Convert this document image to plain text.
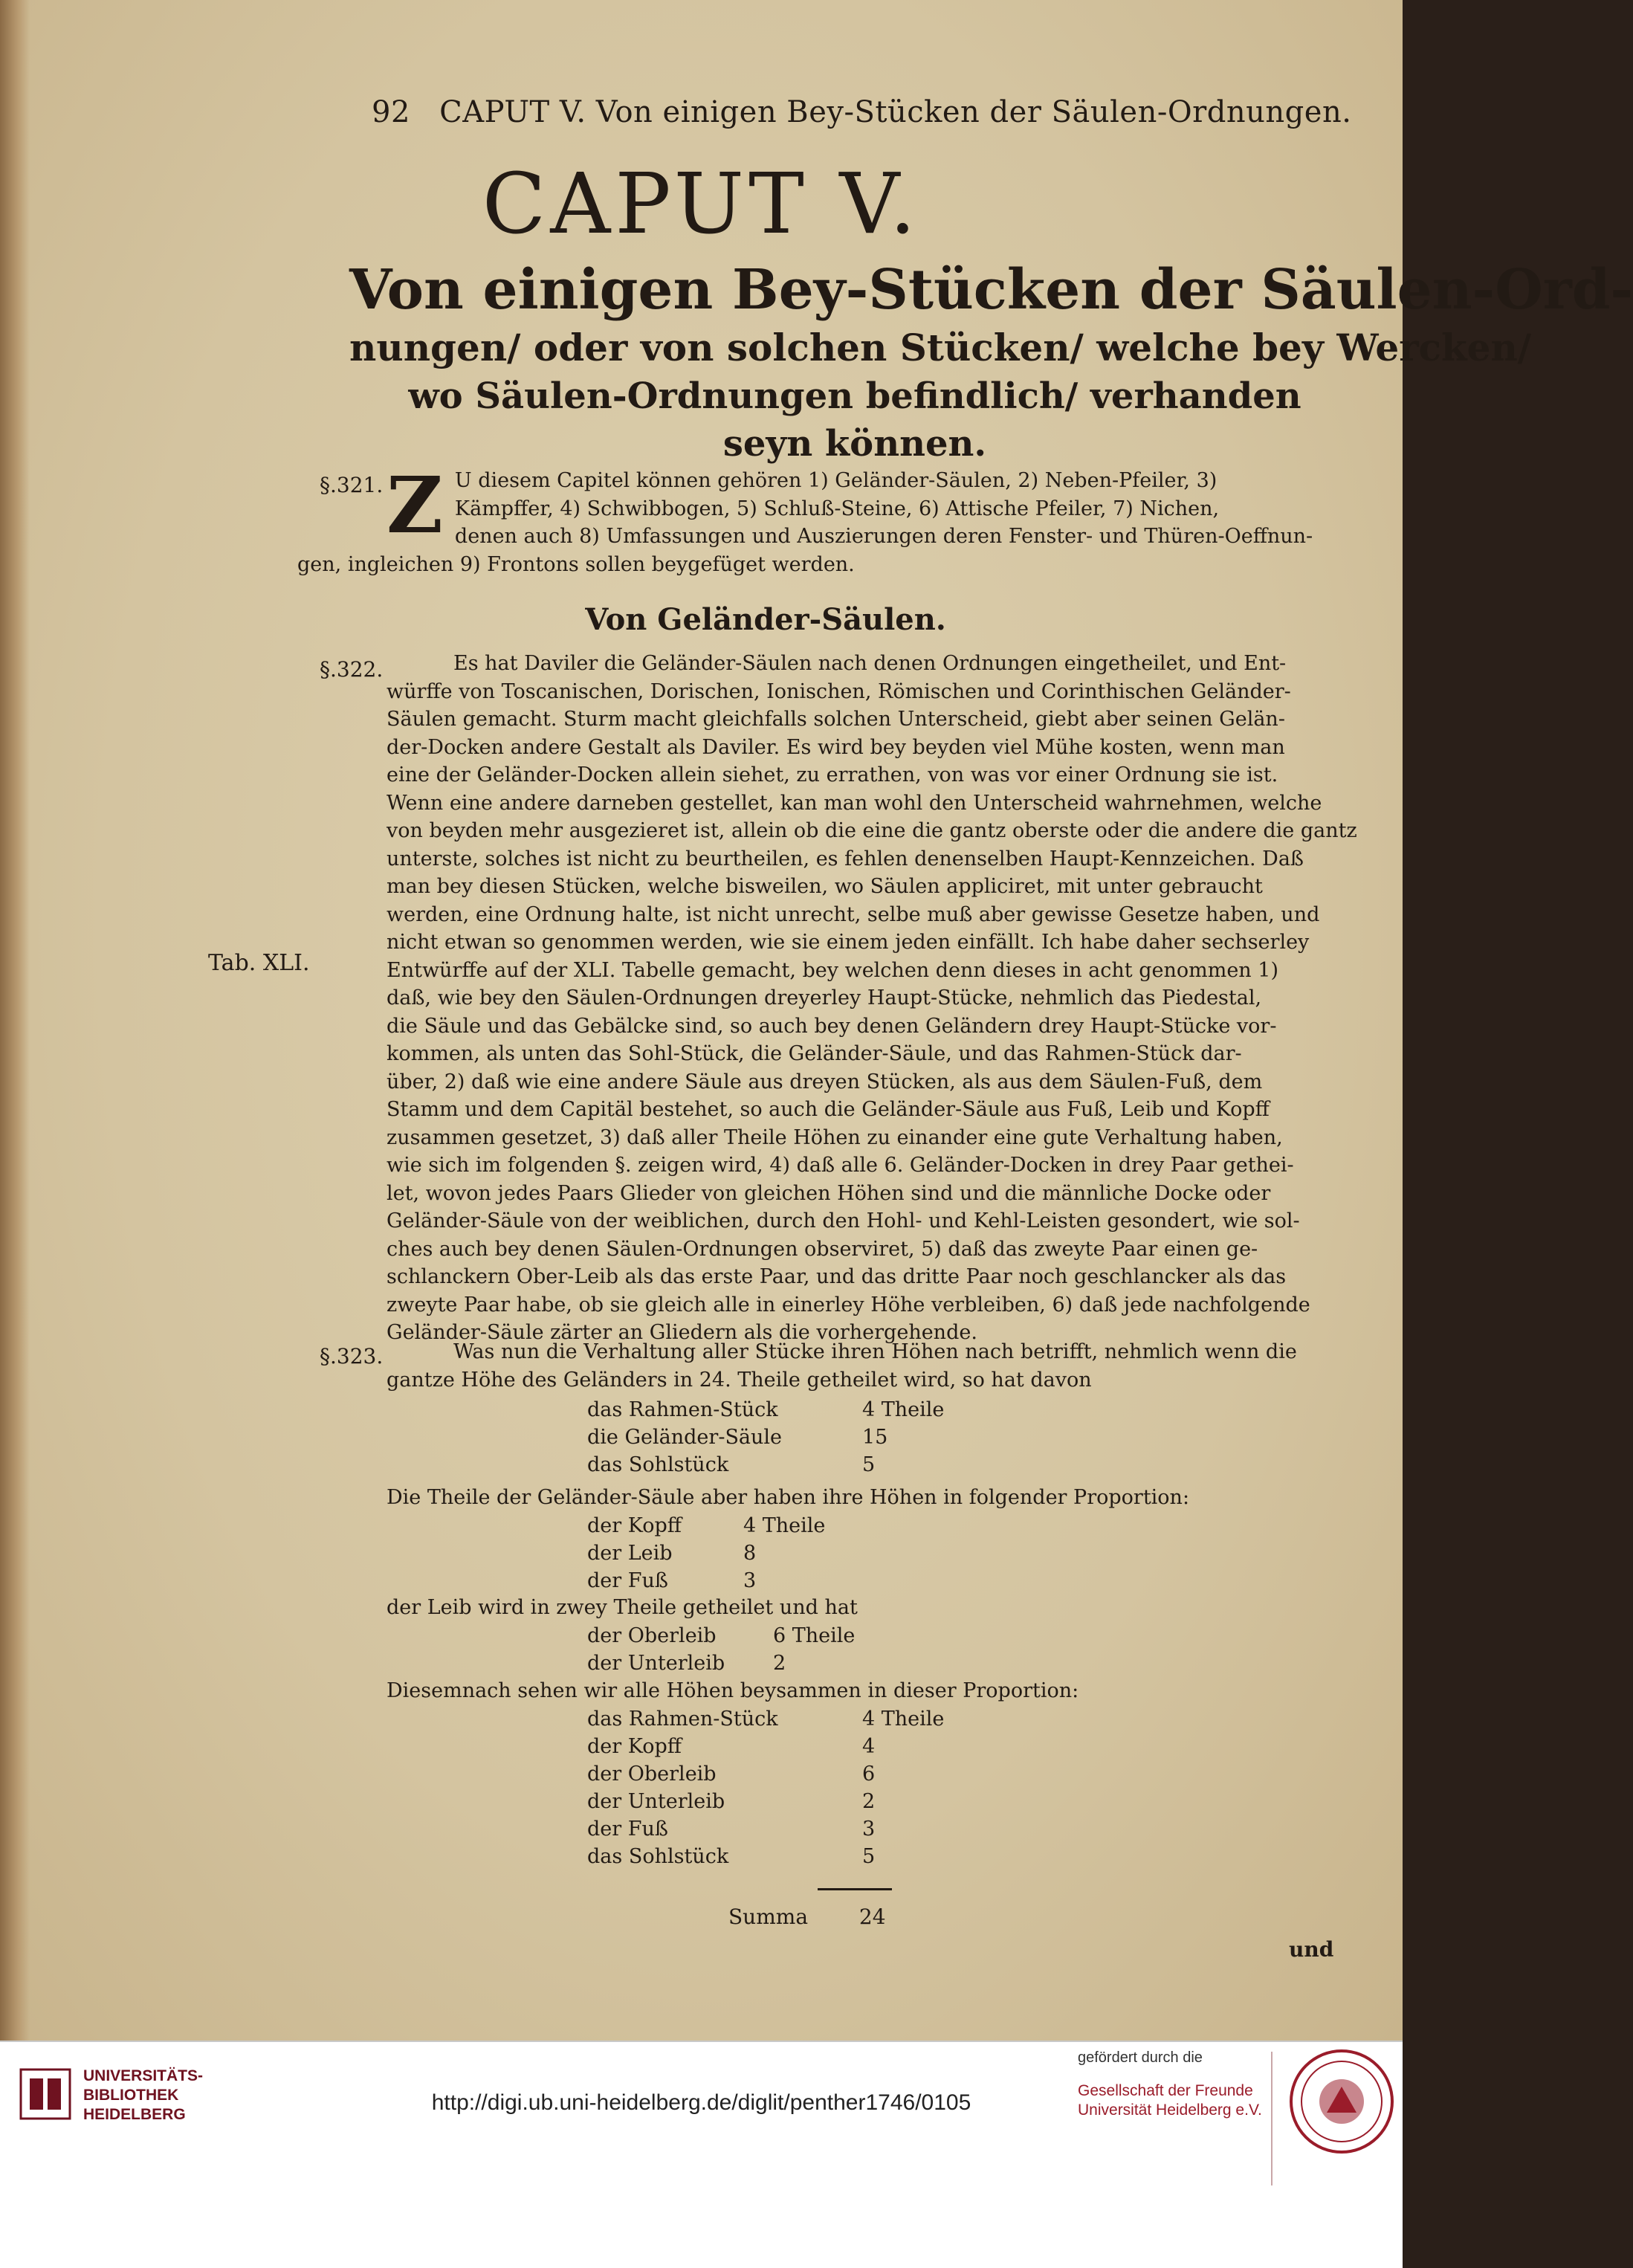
92 CAPUT V. Von einigen Bey-Stücken der Säulen-Ordnungen.
CAPUT V.
Von einigen Bey-Stücken der Säulen-Ord-
nungen/ oder von solchen Stücken/ welche bey Wercken/
wo Säulen-Ordnungen befindlich/ verhanden
seyn können.
§.321. Z U diesem Capitel können gehören 1) Geländer-Säulen, 2) Neben-Pfeiler, 3)
Kämpffer, 4) Schwibbogen, 5) Schluß-Steine, 6) Attische Pfeiler, 7) Nichen,
denen auch 8) Umfassungen und Auszierungen deren Fenster- und Thüren-Oeffnun-
gen, ingleichen 9) Frontons sollen beygefüget werden.
Von Geländer-Säulen.
§.322.
Tab. XLI.
Es hat Daviler die Geländer-Säulen nach denen Ordnungen eingetheilet, und Ent-
würffe von Toscanischen, Dorischen, Ionischen, Römischen und Corinthischen Geländer-
Säulen gemacht. Sturm macht gleichfalls solchen Unterscheid, giebt aber seinen Gelän-
der-Docken andere Gestalt als Daviler. Es wird bey beyden viel Mühe kosten, wenn man
eine der Geländer-Docken allein siehet, zu errathen, von was vor einer Ordnung sie ist.
Wenn eine andere darneben gestellet, kan man wohl den Unterscheid wahrnehmen, welche
von beyden mehr ausgezieret ist, allein ob die eine die gantz oberste oder die andere die gantz
unterste, solches ist nicht zu beurtheilen, es fehlen denenselben Haupt-Kennzeichen. Daß
man bey diesen Stücken, welche bisweilen, wo Säulen appliciret, mit unter gebraucht
werden, eine Ordnung halte, ist nicht unrecht, selbe muß aber gewisse Gesetze haben, und
nicht etwan so genommen werden, wie sie einem jeden einfällt. Ich habe daher sechserley
Entwürffe auf der XLI. Tabelle gemacht, bey welchen denn dieses in acht genommen 1)
daß, wie bey den Säulen-Ordnungen dreyerley Haupt-Stücke, nehmlich das Piedestal,
die Säule und das Gebälcke sind, so auch bey denen Geländern drey Haupt-Stücke vor-
kommen, als unten das Sohl-Stück, die Geländer-Säule, und das Rahmen-Stück dar-
über, 2) daß wie eine andere Säule aus dreyen Stücken, als aus dem Säulen-Fuß, dem
Stamm und dem Capitäl bestehet, so auch die Geländer-Säule aus Fuß, Leib und Kopff
zusammen gesetzet, 3) daß aller Theile Höhen zu einander eine gute Verhaltung haben,
wie sich im folgenden §. zeigen wird, 4) daß alle 6. Geländer-Docken in drey Paar gethei-
let, wovon jedes Paars Glieder von gleichen Höhen sind und die männliche Docke oder
Geländer-Säule von der weiblichen, durch den Hohl- und Kehl-Leisten gesondert, wie sol-
ches auch bey denen Säulen-Ordnungen observiret, 5) daß das zweyte Paar einen ge-
schlanckern Ober-Leib als das erste Paar, und das dritte Paar noch geschlancker als das
zweyte Paar habe, ob sie gleich alle in einerley Höhe verbleiben, 6) daß jede nachfolgende
Geländer-Säule zärter an Gliedern als die vorhergehende.
§.323.	Was nun die Verhaltung aller Stücke ihren Höhen nach betrifft, nehmlich wenn die
gantze Höhe des Geländers in 24. Theile getheilet wird, so hat davon
das Rahmen-Stück	4 Theile
die Geländer-Säule	15
das Sohlstück	5
Die Theile der Geländer-Säule aber haben ihre Höhen in folgender Proportion:
der Kopff	4 Theile
der Leib	8
der Fuß	3
der Leib wird in zwey Theile getheilet und hat
der Oberleib	6 Theile
der Unterleib	2
Diesemnach sehen wir alle Höhen beysammen in dieser Proportion:
das Rahmen-Stück	4 Theile
der Kopff	4
der Oberleib	6
der Unterleib	2
der Fuß	3
das Sohlstück	5
Summa 24
und
UNIVERSITÄTS-
BIBLIOTHEK
HEIDELBERG	http://digi.ub.uni-heidelberg.de/diglit/penther1746/0105
gefördert durch die
Gesellschaft der Freunde
Universität Heidelberg e.V.
